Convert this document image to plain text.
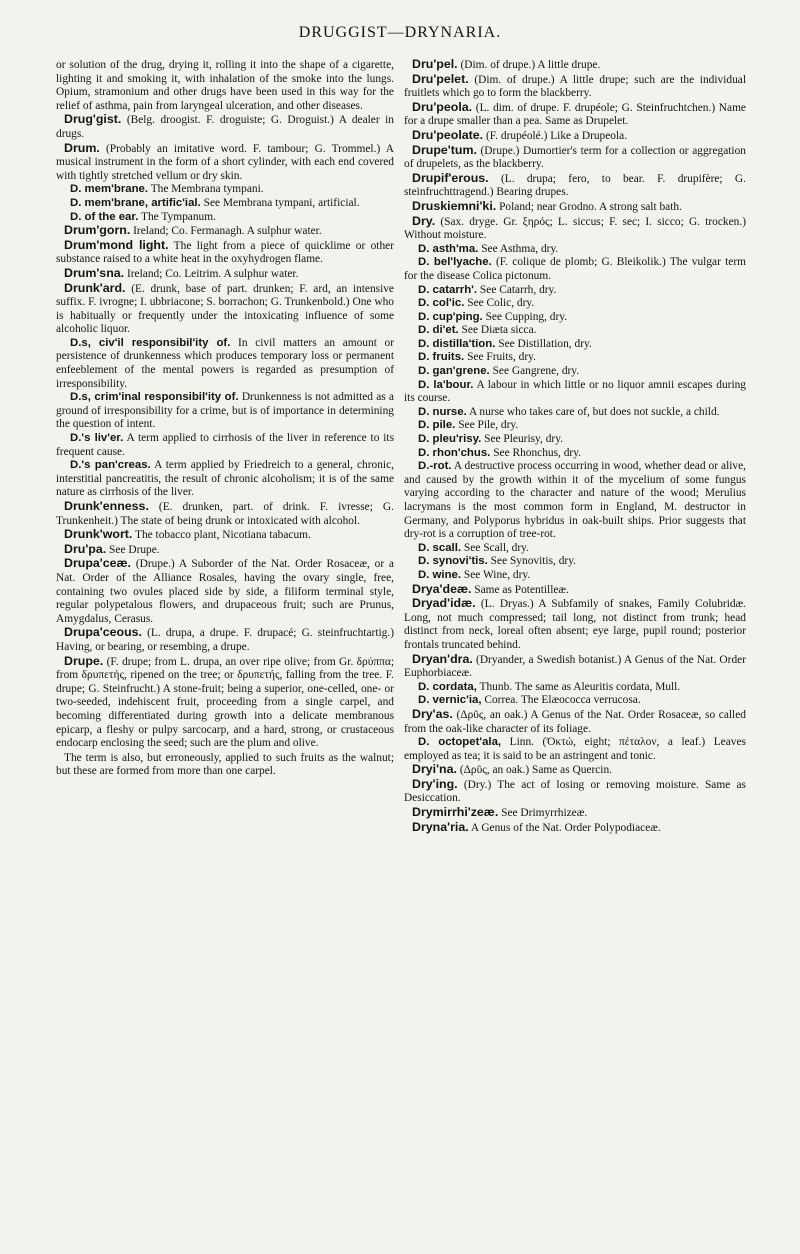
DRUGGIST—DRYNARIA.

or solution of the drug, drying it, rolling it into the shape of a cigarette, lighting it and smoking it, with inhalation of the smoke into the lungs. Opium, stramonium and other drugs have been used in this way for the relief of asthma, pain from laryngeal ulceration, and other diseases.

Drug'gist. (Belg. droogist. F. droguiste; G. Droguist.) A dealer in drugs.

Drum. (Probably an imitative word. F. tambour; G. Trommel.) A musical instrument in the form of a short cylinder, with each end covered with tightly stretched vellum or dry skin.

D. mem'brane. The Membrana tympani.

D. mem'brane, artific'ial. See Membrana tympani, artificial.

D. of the ear. The Tympanum.

Drum'gorn. Ireland; Co. Fermanagh. A sulphur water.

Drum'mond light. The light from a piece of quicklime or other substance raised to a white heat in the oxyhydrogen flame.

Drum'sna. Ireland; Co. Leitrim. A sulphur water.

Drunk'ard. (E. drunk, base of part. drunken; F. ard, an intensive suffix. F. ivrogne; I. ubbriacone; S. borrachon; G. Trunkenbold.) One who is habitually or frequently under the intoxicating influence of some alcoholic liquor.

D.s, civ'il responsibil'ity of. In civil matters an amount or persistence of drunkenness which produces temporary loss or permanent enfeeblement of the mental powers is regarded as presumption of irresponsibility.

D.s, crim'inal responsibil'ity of. Drunkenness is not admitted as a ground of irresponsibility for a crime, but is of importance in determining the question of intent.

D.'s liv'er. A term applied to cirrhosis of the liver in reference to its frequent cause.

D.'s pan'creas. A term applied by Friedreich to a general, chronic, interstitial pancreatitis, the result of chronic alcoholism; it is of the same nature as cirrhosis of the liver.

Drunk'enness. (E. drunken, part. of drink. F. ivresse; G. Trunkenheit.) The state of being drunk or intoxicated with alcohol.

Drunk'wort. The tobacco plant, Nicotiana tabacum.

Dru'pa. See Drupe.

Drupa'ceæ. (Drupe.) A Suborder of the Nat. Order Rosaceæ, or a Nat. Order of the Alliance Rosales, having the ovary single, free, containing two ovules placed side by side, a filiform terminal style, regular polypetalous flowers, and drupaceous fruit; such are Prunus, Amygdalus, Cerasus.

Drupa'ceous. (L. drupa, a drupe. F. drupacé; G. steinfruchtartig.) Having, or bearing, or resembing, a drupe.

Drupe. (F. drupe; from L. drupa, an over ripe olive; from Gr. δρύππα; from δρυπετής, ripened on the tree; or δρυπετής, falling from the tree. F. drupe; G. Steinfrucht.) A stone-fruit; being a superior, one-celled, one- or two-seeded, indehiscent fruit, proceeding from a single carpel, and becoming differentiated during growth into a delicate membranous epicarp, a fleshy or pulpy sarcocarp, and a hard, strong, or crustaceous endocarp enclosing the seed; such are the plum and olive.

The term is also, but erroneously, applied to such fruits as the walnut; but these are formed from more than one carpel.

Dru'pel. (Dim. of drupe.) A little drupe.

Dru'pelet. (Dim. of drupe.) A little drupe; such are the individual fruitlets which go to form the blackberry.

Dru'peola. (L. dim. of drupe. F. drupéole; G. Steinfruchtchen.) Name for a drupe smaller than a pea. Same as Drupelet.

Dru'peolate. (F. drupéolé.) Like a Drupeola.

Drupe'tum. (Drupe.) Dumortier's term for a collection or aggregation of drupelets, as the blackberry.

Drupif'erous. (L. drupa; fero, to bear. F. drupifère; G. steinfruchttragend.) Bearing drupes.

Druskiemni'ki. Poland; near Grodno. A strong salt bath.

Dry. (Sax. dryge. Gr. ξηρός; L. siccus; F. sec; I. sicco; G. trocken.) Without moisture.

D. asth'ma. See Asthma, dry.

D. bel'lyache. (F. colique de plomb; G. Bleikolik.) The vulgar term for the disease Colica pictonum.

D. catarrh'. See Catarrh, dry.

D. col'ic. See Colic, dry.

D. cup'ping. See Cupping, dry.

D. di'et. See Diæta sicca.

D. distilla'tion. See Distillation, dry.

D. fruits. See Fruits, dry.

D. gan'grene. See Gangrene, dry.

D. la'bour. A labour in which little or no liquor amnii escapes during its course.

D. nurse. A nurse who takes care of, but does not suckle, a child.

D. pile. See Pile, dry.

D. pleu'risy. See Pleurisy, dry.

D. rhon'chus. See Rhonchus, dry.

D.-rot. A destructive process occurring in wood, whether dead or alive, and caused by the growth within it of the mycelium of some fungus varying according to the character and nature of the wood; Merulius lacrymans is the most common form in England, M. destructor in Germany, and Polyporus hybridus in oak-built ships. Prior suggests that dry-rot is a corruption of tree-rot.

D. scall. See Scall, dry.

D. synovi'tis. See Synovitis, dry.

D. wine. See Wine, dry.

Drya'deæ. Same as Potentilleæ.

Dryad'idæ. (L. Dryas.) A Subfamily of snakes, Family Colubridæ. Long, not much compressed; tail long, not distinct from trunk; head distinct from neck, loreal often absent; eye large, pupil round; posterior frontals truncated behind.

Dryan'dra. (Dryander, a Swedish botanist.) A Genus of the Nat. Order Euphorbiaceæ.

D. cordata, Thunb. The same as Aleuritis cordata, Mull.

D. vernic'ia, Correa. The Elæococca verrucosa.

Dry'as. (Δρῦς, an oak.) A Genus of the Nat. Order Rosaceæ, so called from the oak-like character of its foliage.

D. octopet'ala, Linn. (Ὀκτώ, eight; πέταλον, a leaf.) Leaves employed as tea; it is said to be an astringent and tonic.

Dryi'na. (Δρῦς, an oak.) Same as Quercin.

Dry'ing. (Dry.) The act of losing or removing moisture. Same as Desiccation.

Drymirrhi'zeæ. See Drimyrrhizeæ.

Dryna'ria. A Genus of the Nat. Order Polypodiaceæ.
